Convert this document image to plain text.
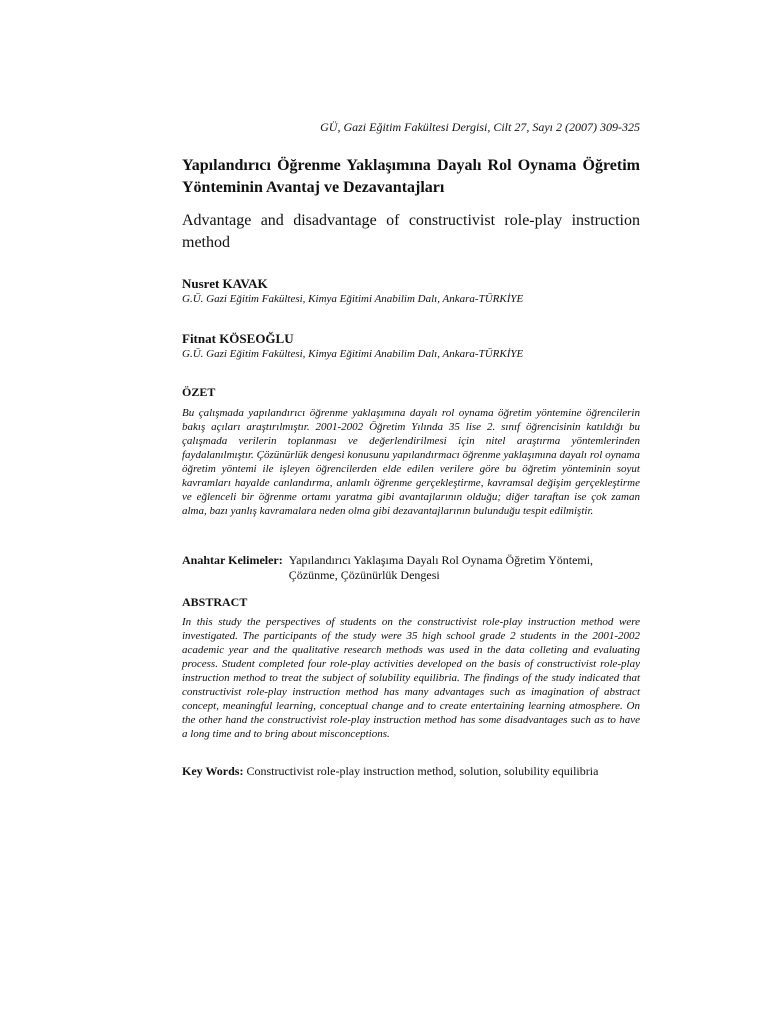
GÜ, Gazi Eğitim Fakültesi Dergisi, Cilt 27, Sayı 2 (2007) 309-325
Yapılandırıcı Öğrenme Yaklaşımına Dayalı Rol Oynama Öğretim Yönteminin Avantaj ve Dezavantajları
Advantage and disadvantage of constructivist role-play instruction method
Nusret KAVAK
G.Ü. Gazi Eğitim Fakültesi, Kimya Eğitimi Anabilim Dalı, Ankara-TÜRKİYE
Fitnat KÖSEOĞLU
G.Ü. Gazi Eğitim Fakültesi, Kimya Eğitimi Anabilim Dalı, Ankara-TÜRKİYE
ÖZET
Bu çalışmada yapılandırıcı öğrenme yaklaşımına dayalı rol oynama öğretim yöntemine öğrencilerin bakış açıları araştırılmıştır. 2001-2002 Öğretim Yılında 35 lise 2. sınıf öğrencisinin katıldığı bu çalışmada verilerin toplanması ve değerlendirilmesi için nitel araştırma yöntemlerinden faydalanılmıştır. Çözünürlük dengesi konusunu yapılandırmacı öğrenme yaklaşımına dayalı rol oynama öğretim yöntemi ile işleyen öğrencilerden elde edilen verilere göre bu öğretim yönteminin soyut kavramları hayalde canlandırma, anlamlı öğrenme gerçekleştirme, kavramsal değişim gerçekleştirme ve eğlenceli bir öğrenme ortamı yaratma gibi avantajlarının olduğu; diğer taraftan ise çok zaman alma, bazı yanlış kavramalara neden olma gibi dezavantajlarının bulunduğu tespit edilmiştir.
Anahtar Kelimeler: Yapılandırıcı Yaklaşıma Dayalı Rol Oynama Öğretim Yöntemi,
Çözünme, Çözünürlük Dengesi
ABSTRACT
In this study the perspectives of students on the constructivist role-play instruction method were investigated. The participants of the study were 35 high school grade 2 students in the 2001-2002 academic year and the qualitative research methods was used in the data colleting and evaluating process. Student completed four role-play activities developed on the basis of constructivist role-play instruction method to treat the subject of solubility equilibria. The findings of the study indicated that constructivist role-play instruction method has many advantages such as imagination of abstract concept, meaningful learning, conceptual change and to create entertaining learning atmosphere. On the other hand the constructivist role-play instruction method has some disadvantages such as to have a long time and to bring about misconceptions.
Key Words: Constructivist role-play instruction method, solution, solubility equilibria
